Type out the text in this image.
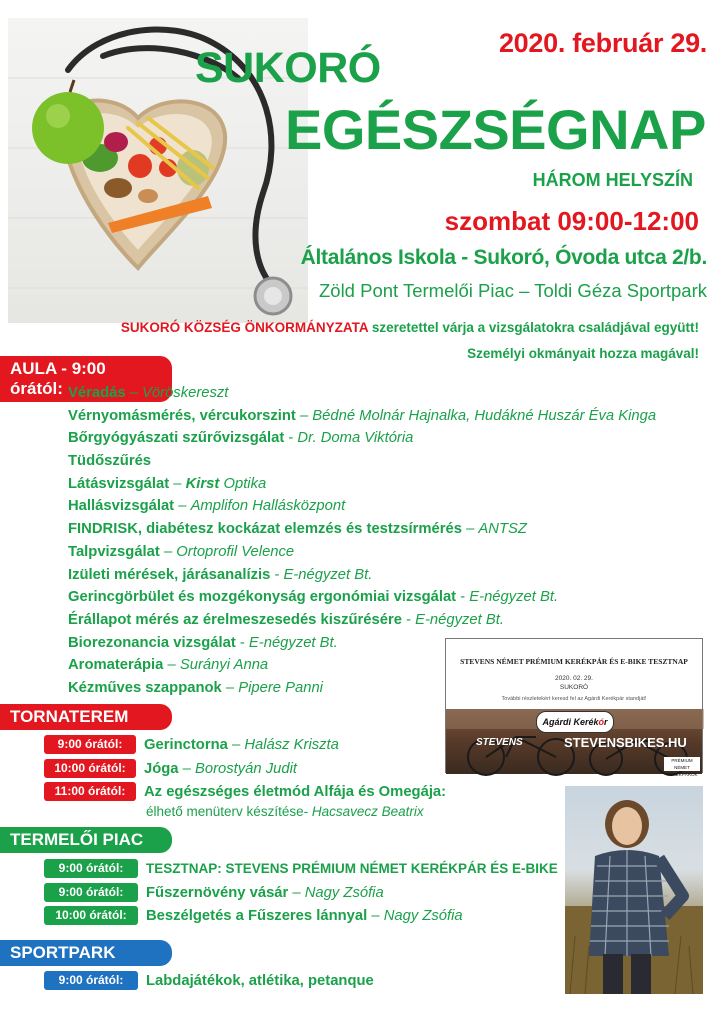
2020. február 29.
SUKORÓ
EGÉSZSÉGNAP
HÁROM HELYSZÍN
szombat 09:00-12:00
Általános Iskola - Sukoró, Óvoda utca 2/b.
Zöld Pont Termelői Piac – Toldi Géza Sportpark
SUKORÓ KÖZSÉG ÖNKORMÁNYZATA szeretettel várja a vizsgálatokra családjával együtt!
Személyi okmányait hozza magával!
AULA - 9:00 órától: Véradás – Vöröskereszt
Vérnyomásmérés, vércukorszint – Bédné Molnár Hajnalka, Hudákné Huszár Éva Kinga
Bőrgyógyászati szűrővizsgálat - Dr. Doma Viktória
Tüdőszűrés
Látásvizsgálat – Kirst Optika
Hallásvizsgálat – Amplifon Hallásközpont
FINDRISK, diabétesz kockázat elemzés és testzsírmérés – ANTSZ
Talpvizsgálat – Ortoprofil Velence
Izületi mérések, járásanalízis - E-négyzet Bt.
Gerincgörbület és mozgékonyság ergonómiai vizsgálat - E-négyzet Bt.
Érállapot mérés az érelmeszesedés kiszűrésére - E-négyzet Bt.
Biorezonancia vizsgálat - E-négyzet Bt.
Aromaterápia – Surányi Anna
Kézműves szappanok – Pipere Panni
TORNATEREM
9:00 órától: Gerinctorna – Halász Kriszta
10:00 órától: Jóga – Borostyán Judit
11:00 órától: Az egészséges életmód Alfája és Omegája:
élhető menüterv készítése- Hacsavecz Beatrix
TERMELŐI PIAC
9:00 órától: TESZTNAP: STEVENS PRÉMIUM NÉMET KERÉKPÁR ÉS E-BIKE
9:00 órától: Fűszernövény vásár – Nagy Zsófia
10:00 órától: Beszélgetés a Fűszeres lánnyal – Nagy Zsófia
SPORTPARK
9:00 órától: Labdajátékok, atlétika, petanque
STEVENS NÉMET PRÉMIUM KERÉKPÁR ÉS E-BIKE TESZTNAP
2020. 02. 29.
SUKORÓ
További részletekért keresd fel az Agárdi Kerékpár standját!
Agárdi Kerékór
STEVENS	STEVENSBIKES.HU
PRÉMIUM NÉMET KERÉKPÁROK
